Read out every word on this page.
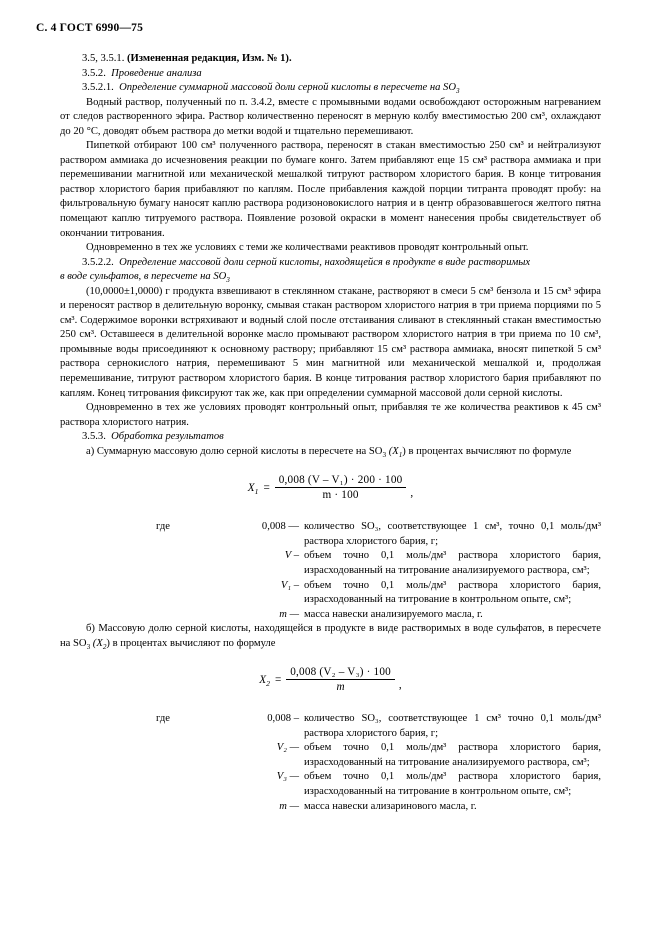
С. 4 ГОСТ 6990—75

3.5, 3.5.1. (Измененная редакция, Изм. № 1).

3.5.2. Проведение анализа

3.5.2.1. Определение суммарной массовой доли серной кислоты в пересчете на $SO_3$

Водный раствор, полученный по п. 3.4.2, вместе с промывными водами освобождают осторожным нагреванием от следов растворенного эфира. Раствор количественно переносят в мерную колбу вместимостью 200 см³, охлаждают до 20 °С, доводят объем раствора до метки водой и тщательно перемешивают.

Пипеткой отбирают 100 см³ полученного раствора, переносят в стакан вместимостью 250 см³ и нейтрализуют раствором аммиака до исчезновения реакции по бумаге конго. Затем прибавляют еще 15 см³ раствора аммиака и при перемешивании магнитной или механической мешалкой титруют раствором хлористого бария. В конце титрования раствор хлористого бария прибавляют по каплям. После прибавления каждой порции титранта проводят пробу: на фильтровальную бумагу наносят каплю раствора родизоновокислого натрия и в центр образовавшегося желтого пятна помещают каплю титруемого раствора. Появление розовой окраски в момент нанесения пробы свидетельствует об окончании титрования.

Одновременно в тех же условиях с теми же количествами реактивов проводят контрольный опыт.

3.5.2.2. Определение массовой доли серной кислоты, находящейся в продукте в виде растворимых

в воде сульфатов, в пересчете на $SO_3$

(10,0000±1,0000) г продукта взвешивают в стеклянном стакане, растворяют в смеси 5 см³ бензола и 15 см³ эфира и переносят раствор в делительную воронку, смывая стакан раствором хлористого натрия в три приема порциями по 5 см³. Содержимое воронки встряхивают и водный слой после отстаивания сливают в стеклянный стакан вместимостью 250 см³. Оставшееся в делительной воронке масло промывают раствором хлористого натрия в три приема по 10 см³, промывные воды присоединяют к основному раствору; прибавляют 15 см³ раствора аммиака, вносят пипеткой 5 см³ раствора сернокислого натрия, перемешивают 5 мин магнитной или механической мешалкой и, продолжая перемешивание, титруют раствором хлористого бария. В конце титрования раствор хлористого бария прибавляют по каплям. Конец титрования фиксируют так же, как при определении суммарной массовой доли серной кислоты.

Одновременно в тех же условиях проводят контрольный опыт, прибавляя те же количества реактивов к 45 см³ раствора хлористого натрия.

3.5.3. Обработка результатов

а) Суммарную массовую долю серной кислоты в пересчете на $SO_3$ $(X_1)$ в процентах вычисляют по формуле

$X_1 = \frac{\text{0,008 (V – V₁) · 200 · 100}}{m \cdot 100}$ ,
где	0,008 — количество SO₃, соответствующее 1 см³, точно 0,1 моль/дм³ раствора хлористого бария, г;
V – объем точно 0,1 моль/дм³ раствора хлористого бария, израсходованный на титрование анализируемого раствора, см³;
V₁ – объем точно 0,1 моль/дм³ раствора хлористого бария, израсходованный на титрование в контрольном опыте, см³;
m — масса навески анализируемого масла, г.

б) Массовую долю серной кислоты, находящейся в продукте в виде растворимых в воде сульфатов, в пересчете на $SO_3$ $(X_2)$ в процентах вычисляют по формуле

$X_2 = \frac{\text{0,008 (V₂ – V₃) · 100}}{m}$ ,
где	0,008 – количество SO₃, соответствующее 1 см³ точно 0,1 моль/дм³ раствора хлористого бария, г;
V₂ — объем точно 0,1 моль/дм³ раствора хлористого бария, израсходованный на титрование анализируемого раствора, см³;
V₃ — объем точно 0,1 моль/дм³ раствора хлористого бария, израсходованный на титрование в контрольном опыте, см³;
m — масса навески ализаринового масла, г.
